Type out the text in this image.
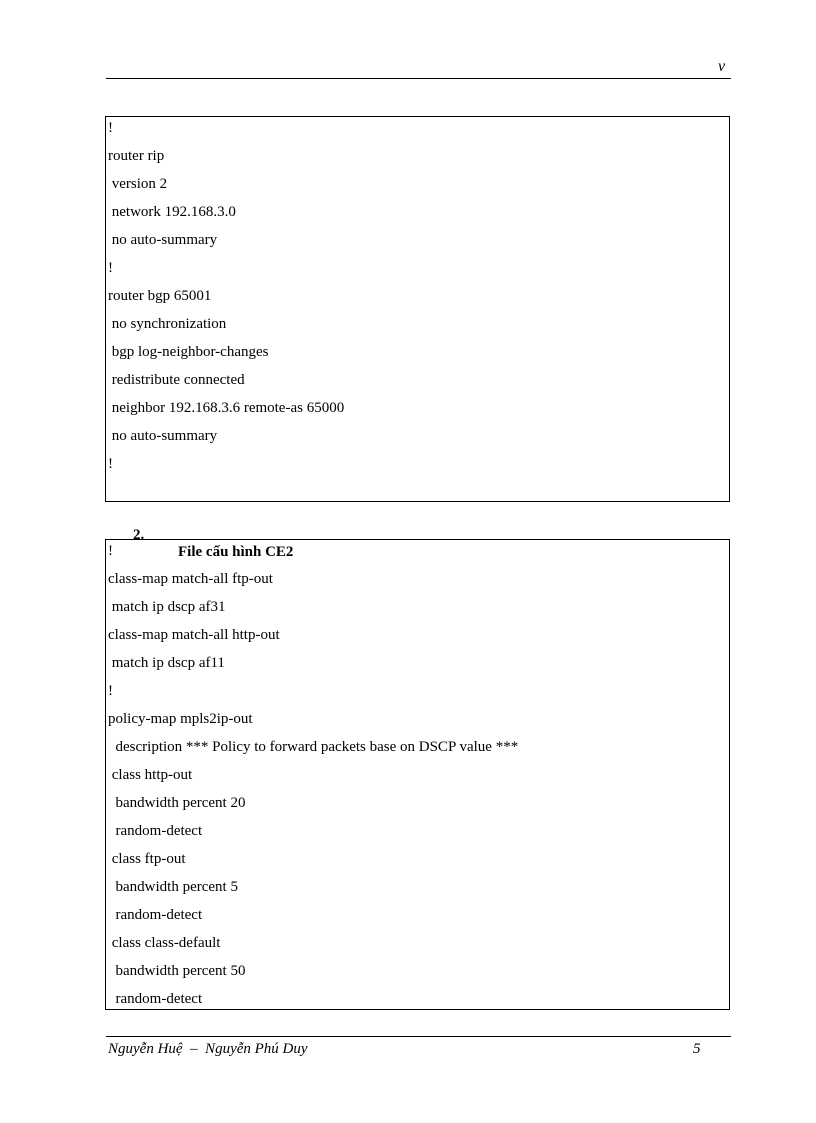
v
!
router rip
version 2
network 192.168.3.0
no auto-summary
!
router bgp 65001
no synchronization
bgp log-neighbor-changes
redistribute connected
neighbor 192.168.3.6 remote-as 65000
no auto-summary
!

2.

File cấu hình CE2

!
class-map match-all ftp-out
match ip dscp af31
class-map match-all http-out
match ip dscp af11
!
policy-map mpls2ip-out
description *** Policy to forward packets base on DSCP value ***
class http-out
bandwidth percent 20
random-detect
class ftp-out
bandwidth percent 5
random-detect
class class-default
bandwidth percent 50
random-detect
Nguyễn Huệ  –  Nguyễn Phú Duy	5
